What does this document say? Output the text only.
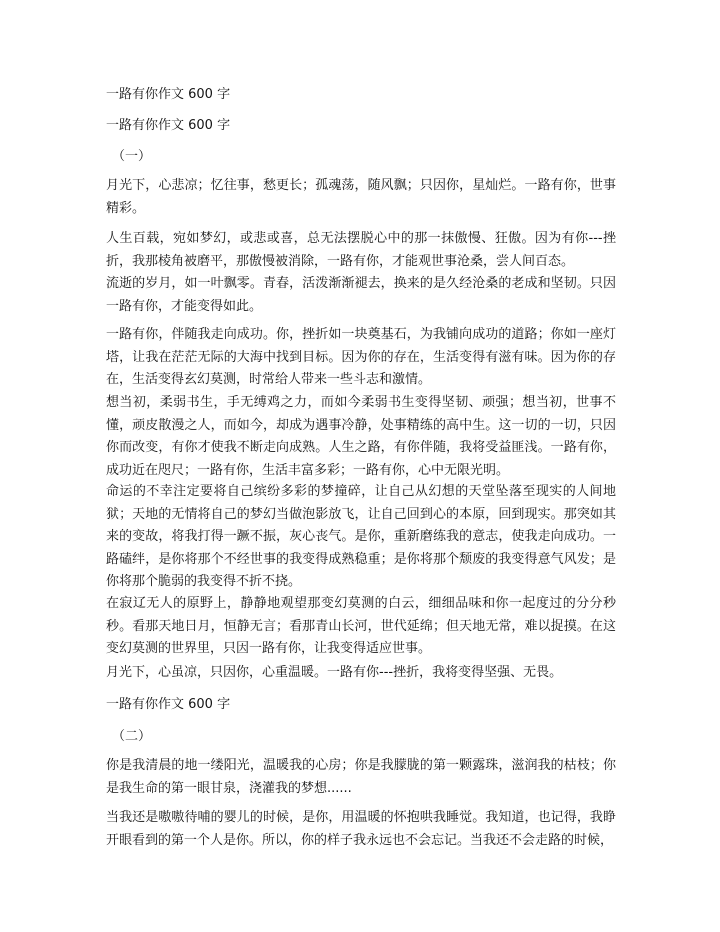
一路有你作文 600 字

一路有你作文 600 字

（一）

月光下，心悲凉；忆往事，愁更长；孤魂荡，随风飘；只因你，星灿烂。一路有你，世事精彩。

人生百载，宛如梦幻，或悲或喜，总无法摆脱心中的那一抹傲慢、狂傲。因为有你---挫折，我那棱角被磨平，那傲慢被消除，一路有你，才能观世事沧桑，尝人间百态。

流逝的岁月，如一叶飘零。青春，活泼渐渐褪去，换来的是久经沧桑的老成和坚韧。只因一路有你，才能变得如此。

一路有你，伴随我走向成功。你，挫折如一块奠基石，为我铺向成功的道路；你如一座灯塔，让我在茫茫无际的大海中找到目标。因为你的存在，生活变得有滋有味。因为你的存在，生活变得玄幻莫测，时常给人带来一些斗志和激情。

想当初，柔弱书生，手无缚鸡之力，而如今柔弱书生变得坚韧、顽强；想当初，世事不懂，顽皮散漫之人，而如今，却成为遇事冷静，处事精练的高中生。这一切的一切，只因你而改变，有你才使我不断走向成熟。人生之路，有你伴随，我将受益匪浅。一路有你，成功近在咫尺；一路有你，生活丰富多彩；一路有你，心中无限光明。

命运的不幸注定要将自己缤纷多彩的梦撞碎，让自己从幻想的天堂坠落至现实的人间地狱；天地的无情将自己的梦幻当做泡影放飞，让自己回到心的本原，回到现实。那突如其来的变故，将我打得一蹶不振，灰心丧气。是你，重新磨练我的意志，使我走向成功。一路磕绊，是你将那个不经世事的我变得成熟稳重；是你将那个颓废的我变得意气风发；是你将那个脆弱的我变得不折不挠。

在寂辽无人的原野上，静静地观望那变幻莫测的白云，细细品味和你一起度过的分分秒秒。看那天地日月，恒静无言；看那青山长河，世代延绵；但天地无常，难以捉摸。在这变幻莫测的世界里，只因一路有你，让我变得适应世事。

月光下，心虽凉，只因你，心重温暖。一路有你---挫折，我将变得坚强、无畏。

一路有你作文 600 字

（二）

你是我清晨的地一缕阳光，温暖我的心房；你是我朦胧的第一颗露珠，滋润我的枯枝；你是我生命的第一眼甘泉，浇灌我的梦想......

当我还是嗷嗷待哺的婴儿的时候，是你，用温暖的怀抱哄我睡觉。我知道，也记得，我睁开眼看到的第一个人是你。所以，你的样子我永远也不会忘记。当我还不会走路的时候，
